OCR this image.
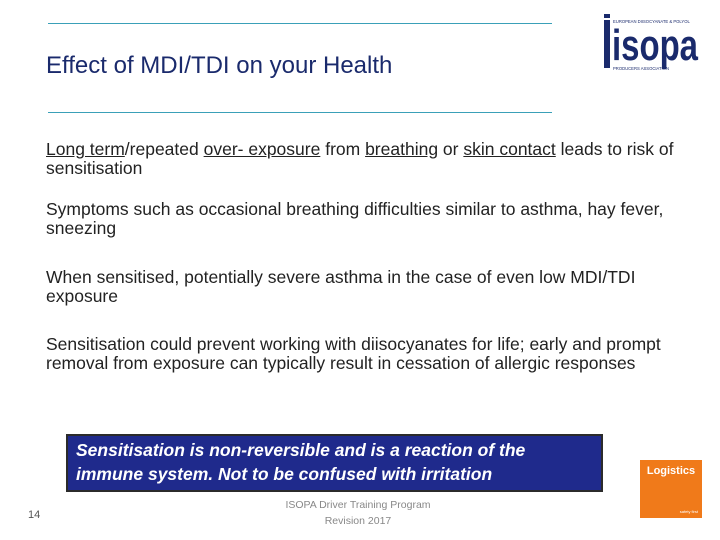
Effect of MDI/TDI on your Health
EUROPEAN DIISOCYANATE & POLYOL
isopa
PRODUCERS ASSOCIATION

Long term/repeated over- exposure from breathing or skin contact leads to risk of sensitisation

Symptoms such as occasional breathing difficulties similar to asthma, hay fever, sneezing

When sensitised, potentially severe asthma in the case of even low MDI/TDI exposure

Sensitisation could prevent working with diisocyanates for life; early and prompt removal from exposure can typically result in cessation of allergic responses

Sensitisation is non-reversible and is a reaction of the immune system. Not to be confused with irritation
14
ISOPA Driver Training Program
Revision 2017
Logistics
safety first
